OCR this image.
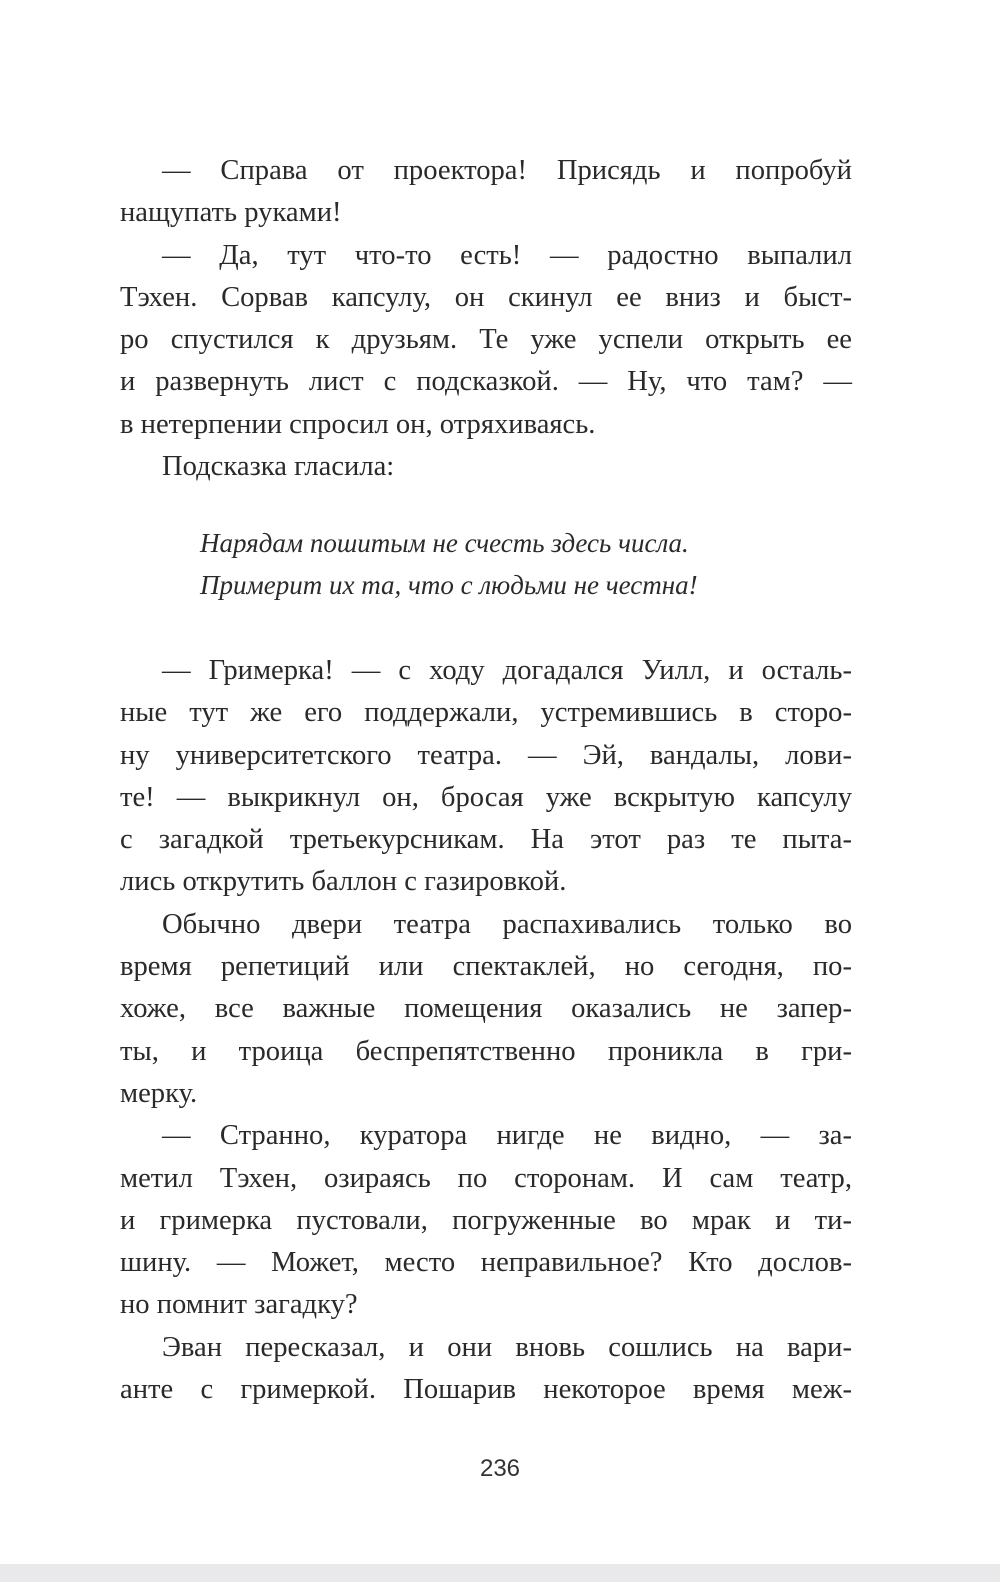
— Справа от проектора! Присядь и попробуй
нащупать руками!
— Да, тут что-то есть! — радостно выпалил
Тэхен. Сорвав капсулу, он скинул ее вниз и быст-
ро спустился к друзьям. Те уже успели открыть ее
и развернуть лист с подсказкой. — Ну, что там? —
в нетерпении спросил он, отряхиваясь.
Подсказка гласила:
Нарядам пошитым не счесть здесь числа.
Примерит их та, что с людьми не честна!
— Гримерка! — с ходу догадался Уилл, и осталь-
ные тут же его поддержали, устремившись в сторо-
ну университетского театра. — Эй, вандалы, лови-
те! — выкрикнул он, бросая уже вскрытую капсулу
с загадкой третьекурсникам. На этот раз те пыта-
лись открутить баллон с газировкой.
Обычно двери театра распахивались только во
время репетиций или спектаклей, но сегодня, по-
хоже, все важные помещения оказались не запер-
ты, и троица беспрепятственно проникла в гри-
мерку.
— Странно, куратора нигде не видно, — за-
метил Тэхен, озираясь по сторонам. И сам театр,
и гримерка пустовали, погруженные во мрак и ти-
шину. — Может, место неправильное? Кто дослов-
но помнит загадку?
Эван пересказал, и они вновь сошлись на вари-
анте с гримеркой. Пошарив некоторое время меж-
236
